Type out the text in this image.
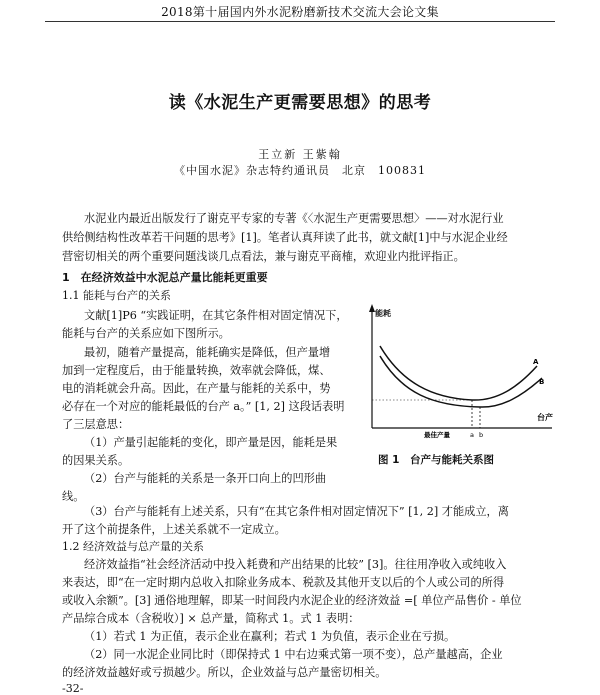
2018第十届国内外水泥粉磨新技术交流大会论文集
读《水泥生产更需要思想》的思考
王立新 王紫翰
《中国水泥》杂志特约通讯员　北京　100831
水泥业内最近出版发行了谢克平专家的专著《〈水泥生产更需要思想〉——对水泥行业
供给侧结构性改革若干问题的思考》[1]。笔者认真拜读了此书，就文献[1]中与水泥企业经
营密切相关的两个重要问题浅谈几点看法，兼与谢克平商榷，欢迎业内批评指正。
1　在经济效益中水泥总产量比能耗更重要
1.1 能耗与台产的关系
文献[1]P6 “实践证明，在其它条件相对固定情况下，
能耗与台产的关系应如下图所示。
最初，随着产量提高，能耗确实是降低，但产量增
加到一定程度后，由于能量转换，效率就会降低，煤、
电的消耗就会升高。因此，在产量与能耗的关系中，势
必存在一个对应的能耗最低的台产 a。” [1, 2] 这段话表明
了三层意思：
（1）产量引起能耗的变化，即产量是因，能耗是果
的因果关系。
（2）台产与能耗的关系是一条开口向上的凹形曲
线。
能耗
台产
A
B
最佳产量	a b
图 1　台产与能耗关系图
（3）台产与能耗有上述关系，只有“在其它条件相对固定情况下” [1, 2] 才能成立，离
开了这个前提条件，上述关系就不一定成立。
1.2 经济效益与总产量的关系
经济效益指“社会经济活动中投入耗费和产出结果的比较” [3]。往往用净收入或纯收入
来表达，即“在一定时期内总收入扣除业务成本、税款及其他开支以后的个人或公司的所得
或收入余额”。[3] 通俗地理解，即某一时间段内水泥企业的经济效益 =[ 单位产品售价 - 单位
产品综合成本（含税收）] × 总产量，简称式 1。式 1 表明：
（1）若式 1 为正值，表示企业在赢利；若式 1 为负值，表示企业在亏损。
（2）同一水泥企业同比时（即保持式 1 中右边乘式第一项不变），总产量越高，企业
的经济效益越好或亏损越少。所以，企业效益与总产量密切相关。
-32-
